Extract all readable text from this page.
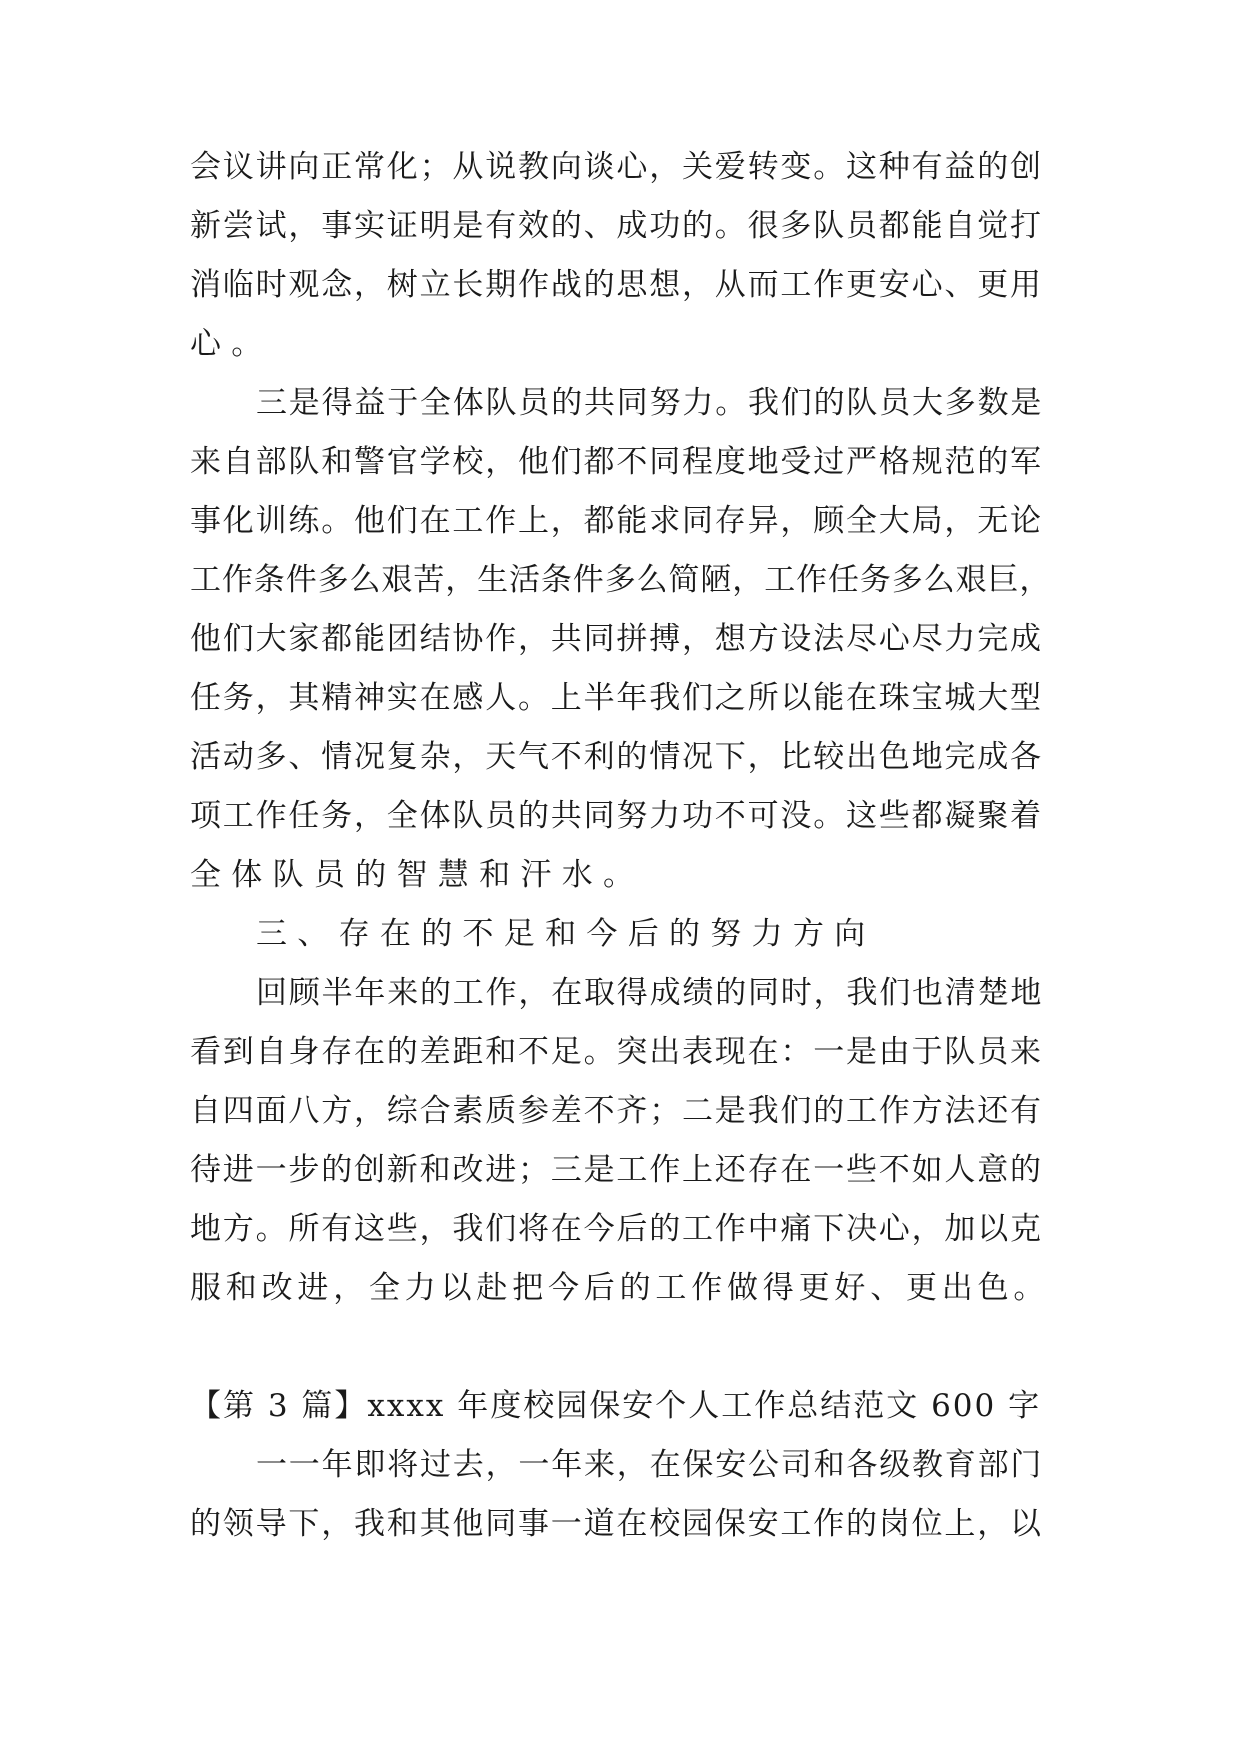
会议讲向正常化；从说教向谈心，关爱转变。这种有益的创
新尝试，事实证明是有效的、成功的。很多队员都能自觉打
消临时观念，树立长期作战的思想，从而工作更安心、更用
心。
三是得益于全体队员的共同努力。我们的队员大多数是
来自部队和警官学校，他们都不同程度地受过严格规范的军
事化训练。他们在工作上，都能求同存异，顾全大局，无论
工作条件多么艰苦，生活条件多么简陋，工作任务多么艰巨，
他们大家都能团结协作，共同拼搏，想方设法尽心尽力完成
任务，其精神实在感人。上半年我们之所以能在珠宝城大型
活动多、情况复杂，天气不利的情况下，比较出色地完成各
项工作任务，全体队员的共同努力功不可没。这些都凝聚着
全体队员的智慧和汗水。
三、存在的不足和今后的努力方向
回顾半年来的工作，在取得成绩的同时，我们也清楚地
看到自身存在的差距和不足。突出表现在：一是由于队员来
自四面八方，综合素质参差不齐；二是我们的工作方法还有
待进一步的创新和改进；三是工作上还存在一些不如人意的
地方。所有这些，我们将在今后的工作中痛下决心，加以克
服和改进，全力以赴把今后的工作做得更好、更出色。
【第 3 篇】xxxx 年度校园保安个人工作总结范文 600 字
一一年即将过去，一年来，在保安公司和各级教育部门
的领导下，我和其他同事一道在校园保安工作的岗位上，以
